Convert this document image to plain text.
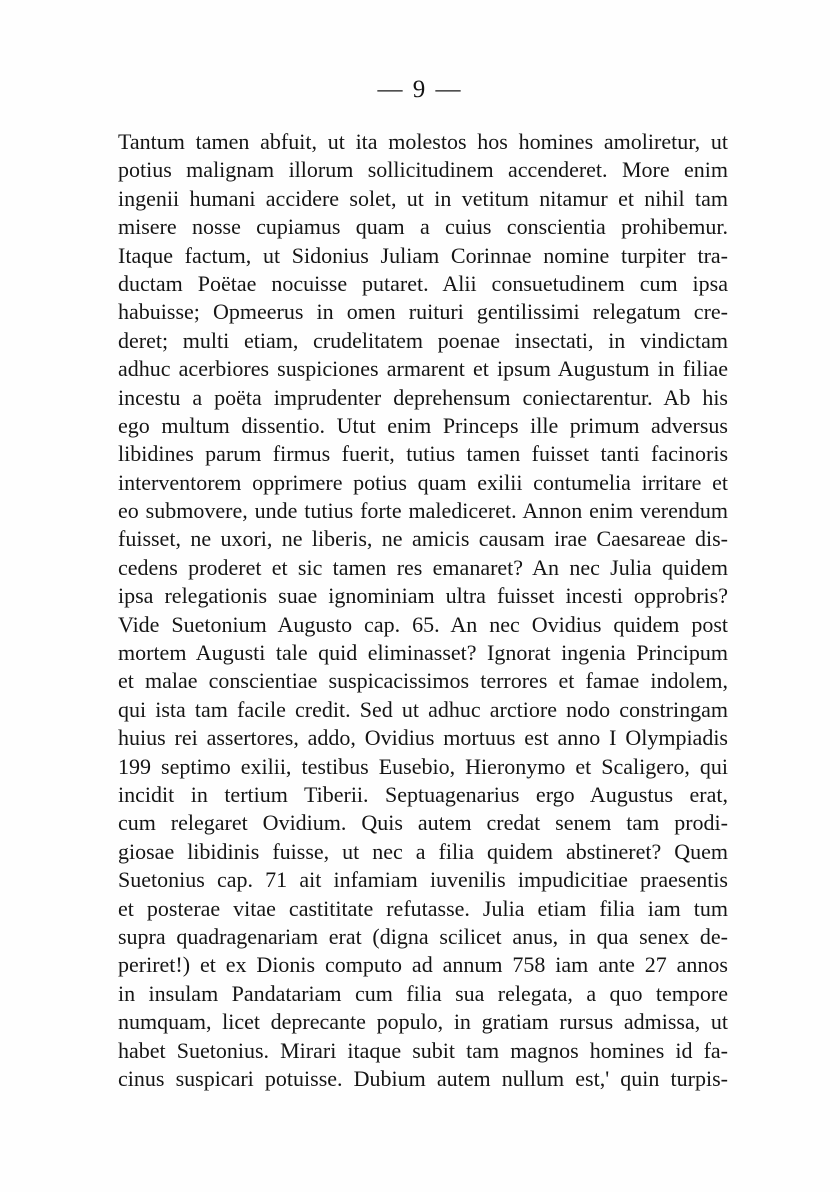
— 9 —
Tantum tamen abfuit, ut ita molestos hos homines amoliretur, ut
potius malignam illorum sollicitudinem accenderet. More enim
ingenii humani accidere solet, ut in vetitum nitamur et nihil tam
misere nosse cupiamus quam a cuius conscientia prohibemur.
Itaque factum, ut Sidonius Juliam Corinnae nomine turpiter tra-
ductam Poëtae nocuisse putaret. Alii consuetudinem cum ipsa
habuisse; Opmeerus in omen ruituri gentilissimi relegatum cre-
deret; multi etiam, crudelitatem poenae insectati, in vindictam
adhuc acerbiores suspiciones armarent et ipsum Augustum in filiae
incestu a poëta imprudenter deprehensum coniectarentur. Ab his
ego multum dissentio. Utut enim Princeps ille primum adversus
libidines parum firmus fuerit, tutius tamen fuisset tanti facinoris
interventorem opprimere potius quam exilii contumelia irritare et
eo submovere, unde tutius forte malediceret. Annon enim verendum
fuisset, ne uxori, ne liberis, ne amicis causam irae Caesareae dis-
cedens proderet et sic tamen res emanaret? An nec Julia quidem
ipsa relegationis suae ignominiam ultra fuisset incesti opprobris?
Vide Suetonium Augusto cap. 65. An nec Ovidius quidem post
mortem Augusti tale quid eliminasset? Ignorat ingenia Principum
et malae conscientiae suspicacissimos terrores et famae indolem,
qui ista tam facile credit. Sed ut adhuc arctiore nodo constringam
huius rei assertores, addo, Ovidius mortuus est anno I Olympiadis
199 septimo exilii, testibus Eusebio, Hieronymo et Scaligero, qui
incidit in tertium Tiberii. Septuagenarius ergo Augustus erat,
cum relegaret Ovidium. Quis autem credat senem tam prodi-
giosae libidinis fuisse, ut nec a filia quidem abstineret? Quem
Suetonius cap. 71 ait infamiam iuvenilis impudicitiae praesentis
et posterae vitae castititate refutasse. Julia etiam filia iam tum
supra quadragenariam erat (digna scilicet anus, in qua senex de-
periret!) et ex Dionis computo ad annum 758 iam ante 27 annos
in insulam Pandatariam cum filia sua relegata, a quo tempore
numquam, licet deprecante populo, in gratiam rursus admissa, ut
habet Suetonius. Mirari itaque subit tam magnos homines id fa-
cinus suspicari potuisse. Dubium autem nullum est,' quin turpis-
